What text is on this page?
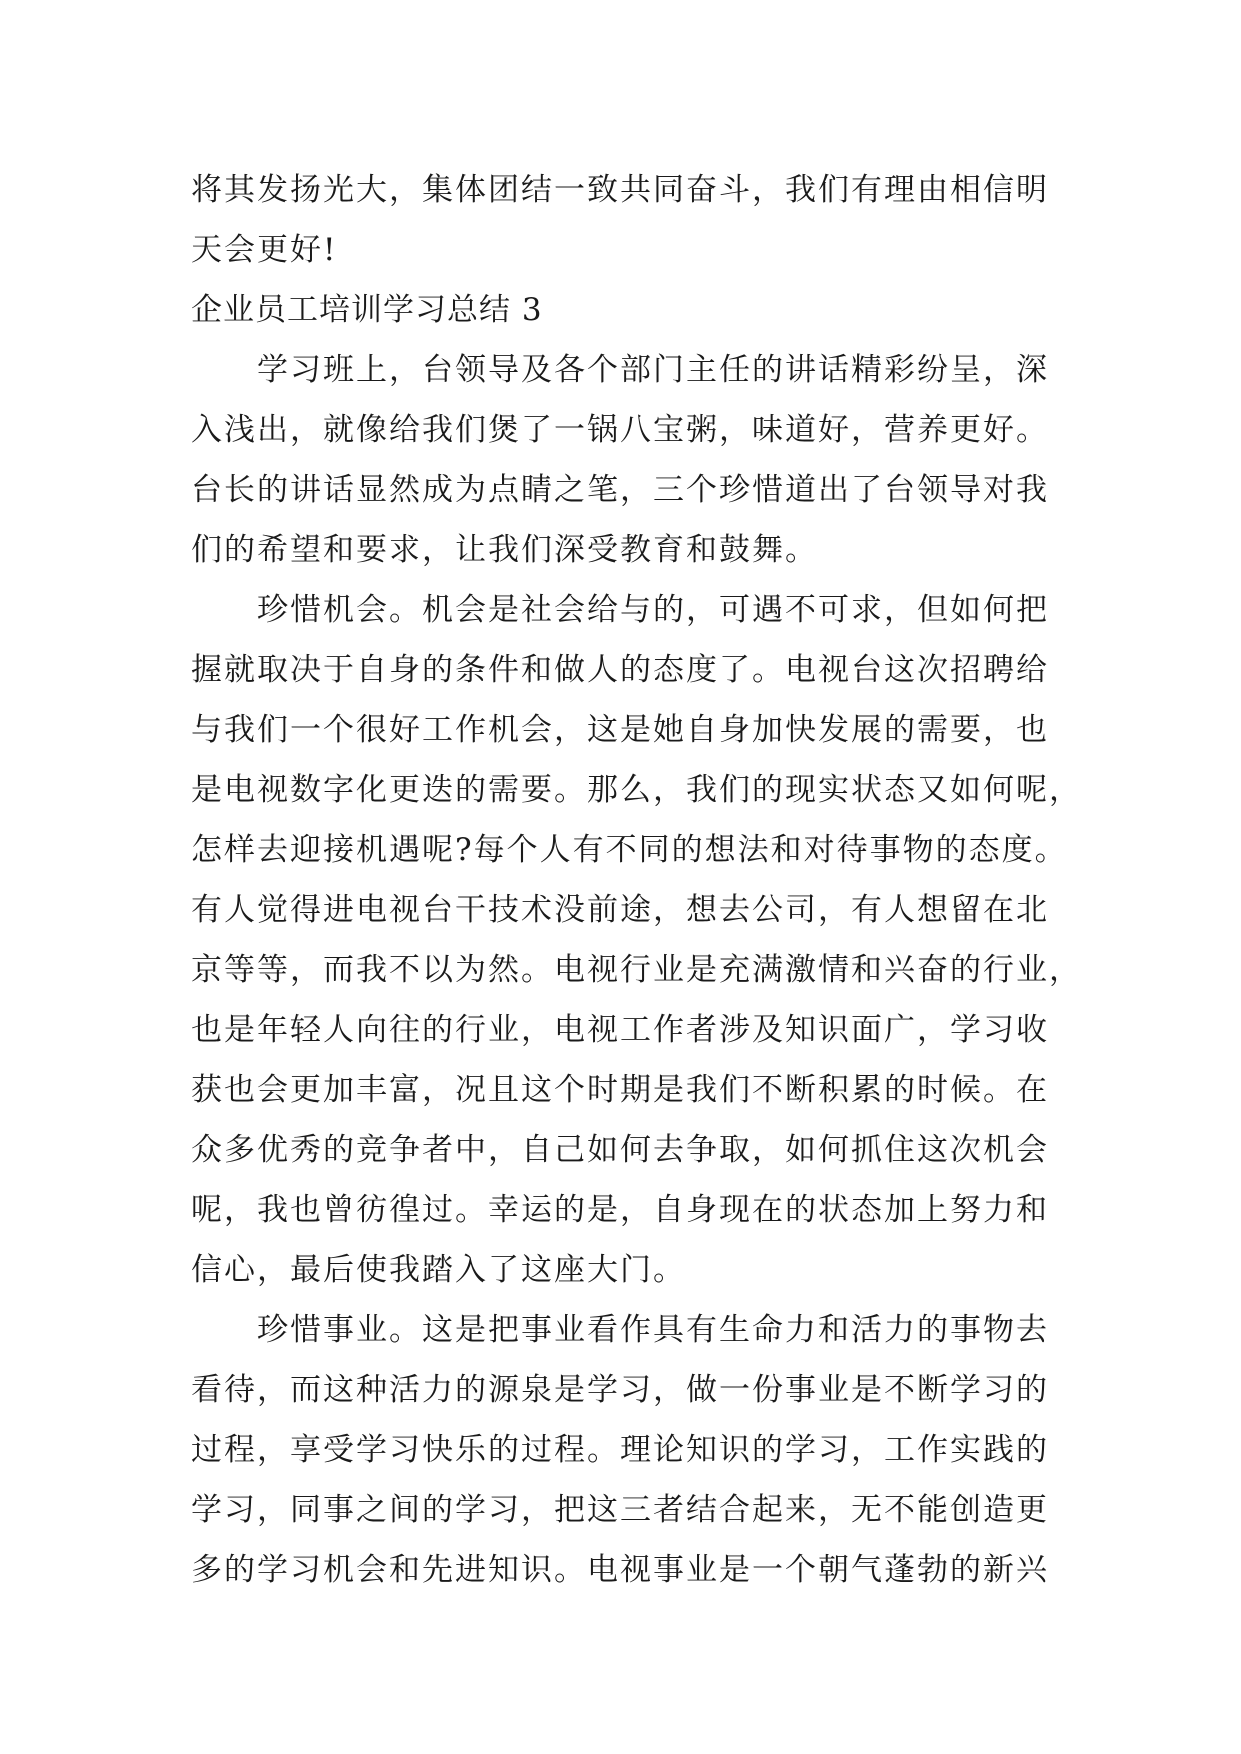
将其发扬光大，集体团结一致共同奋斗，我们有理由相信明
天会更好!
企业员工培训学习总结 3
学习班上，台领导及各个部门主任的讲话精彩纷呈，深
入浅出，就像给我们煲了一锅八宝粥，味道好，营养更好。
台长的讲话显然成为点睛之笔，三个珍惜道出了台领导对我
们的希望和要求，让我们深受教育和鼓舞。
珍惜机会。机会是社会给与的，可遇不可求，但如何把
握就取决于自身的条件和做人的态度了。电视台这次招聘给
与我们一个很好工作机会，这是她自身加快发展的需要，也
是电视数字化更迭的需要。那么，我们的现实状态又如何呢，
怎样去迎接机遇呢?每个人有不同的想法和对待事物的态度。
有人觉得进电视台干技术没前途，想去公司，有人想留在北
京等等，而我不以为然。电视行业是充满激情和兴奋的行业，
也是年轻人向往的行业，电视工作者涉及知识面广，学习收
获也会更加丰富，况且这个时期是我们不断积累的时候。在
众多优秀的竞争者中，自己如何去争取，如何抓住这次机会
呢，我也曾彷徨过。幸运的是，自身现在的状态加上努力和
信心，最后使我踏入了这座大门。
珍惜事业。这是把事业看作具有生命力和活力的事物去
看待，而这种活力的源泉是学习，做一份事业是不断学习的
过程，享受学习快乐的过程。理论知识的学习，工作实践的
学习，同事之间的学习，把这三者结合起来，无不能创造更
多的学习机会和先进知识。电视事业是一个朝气蓬勃的新兴
